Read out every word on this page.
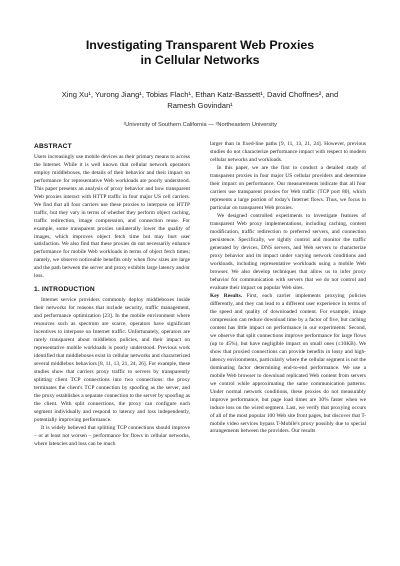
Investigating Transparent Web Proxies
in Cellular Networks
Xing Xu¹, Yurong Jiang¹, Tobias Flach¹, Ethan Katz-Bassett¹, David Choffnes², and
Ramesh Govindan¹
¹University of Southern California — ²Northeastern University
ABSTRACT

Users increasingly use mobile devices as their primary means to access the Internet. While it is well known that cellular network operators employ middleboxes, the details of their behavior and their impact on performance for representative Web workloads are poorly understood. This paper presents an analysis of proxy behavior and how transparent Web proxies interact with HTTP traffic in four major US cell carriers. We find that all four carriers use these proxies to interpose on HTTP traffic, but they vary in terms of whether they perform object caching, traffic redirection, image compression, and connection reuse. For example, some transparent proxies unilaterally lower the quality of images, which improves object fetch time but may hurt user satisfaction. We also find that these proxies do not necessarily enhance performance for mobile Web workloads in terms of object fetch times; namely, we observe noticeable benefits only when flow sizes are large and the path between the server and proxy exhibits large latency and/or loss.

1. INTRODUCTION

Internet service providers commonly deploy middleboxes inside their networks for reasons that include security, traffic management, and performance optimization [23]. In the mobile environment where resources such as spectrum are scarce, operators have significant incentives to interpose on Internet traffic. Unfortunately, operators are rarely transparent about middlebox policies, and their impact on representative mobile workloads is poorly understood. Previous work identified that middleboxes exist in cellular networks and characterized several middlebox behaviors [8, 11, 13, 21, 24, 26]. For example, these studies show that carriers proxy traffic to servers by transparently splitting client TCP connections into two connections: the proxy terminates the client's TCP connection by spoofing as the server, and the proxy establishes a separate connection to the server by spoofing as the client. With split connections, the proxy can configure each segment individually and respond to latency and loss independently, potentially improving performance.

It is widely believed that splitting TCP connections should improve – or at least not worsen – performance for flows in cellular networks, where latencies and loss can be much

larger than in fixed-line paths [9, 11, 13, 21, 24]. However, previous studies do not characterize performance impact with respect to modern cellular networks and workloads.

In this paper, we are the first to conduct a detailed study of transparent proxies in four major US cellular providers and determine their impact on performance. Our measurements indicate that all four carriers use transparent proxies for Web traffic (TCP port 80), which represents a large portion of today's Internet flows. Thus, we focus in particular on transparent Web proxies.

We designed controlled experiments to investigate features of transparent Web proxy implementations, including caching, content modification, traffic redirection to preferred servers, and connection persistence. Specifically, we tightly control and monitor the traffic generated by devices, DNS servers, and Web servers to characterize proxy behavior and its impact under varying network conditions and workloads, including representative workloads using a mobile Web browser. We also develop techniques that allow us to infer proxy behavior for communication with servers that we do not control and evaluate their impact on popular Web sites.

Key Results. First, each carrier implements proxying policies differently, and they can lead to a different user experience in terms of the speed and quality of downloaded content. For example, image compression can reduce download time by a factor of five, but caching content has little impact on performance in our experiments. Second, we observe that split connections improve performance for large flows (up to 45%), but have negligible impact on small ones (≤10KB). We show that proxied connections can provide benefits in lossy and high-latency environments, particularly where the cellular segment is not the dominating factor determining end-to-end performance. We use a mobile Web browser to download replicated Web content from servers we control while approximating the same communication patterns. Under normal network conditions, these proxies do not measurably improve performance, but page load times are 30% faster when we induce loss on the wired segment. Last, we verify that proxying occurs of all of the most popular 100 Web site front pages, but discover that T-mobile video services bypass T-Mobile's proxy possibly due to special arrangements between the providers. Our results
